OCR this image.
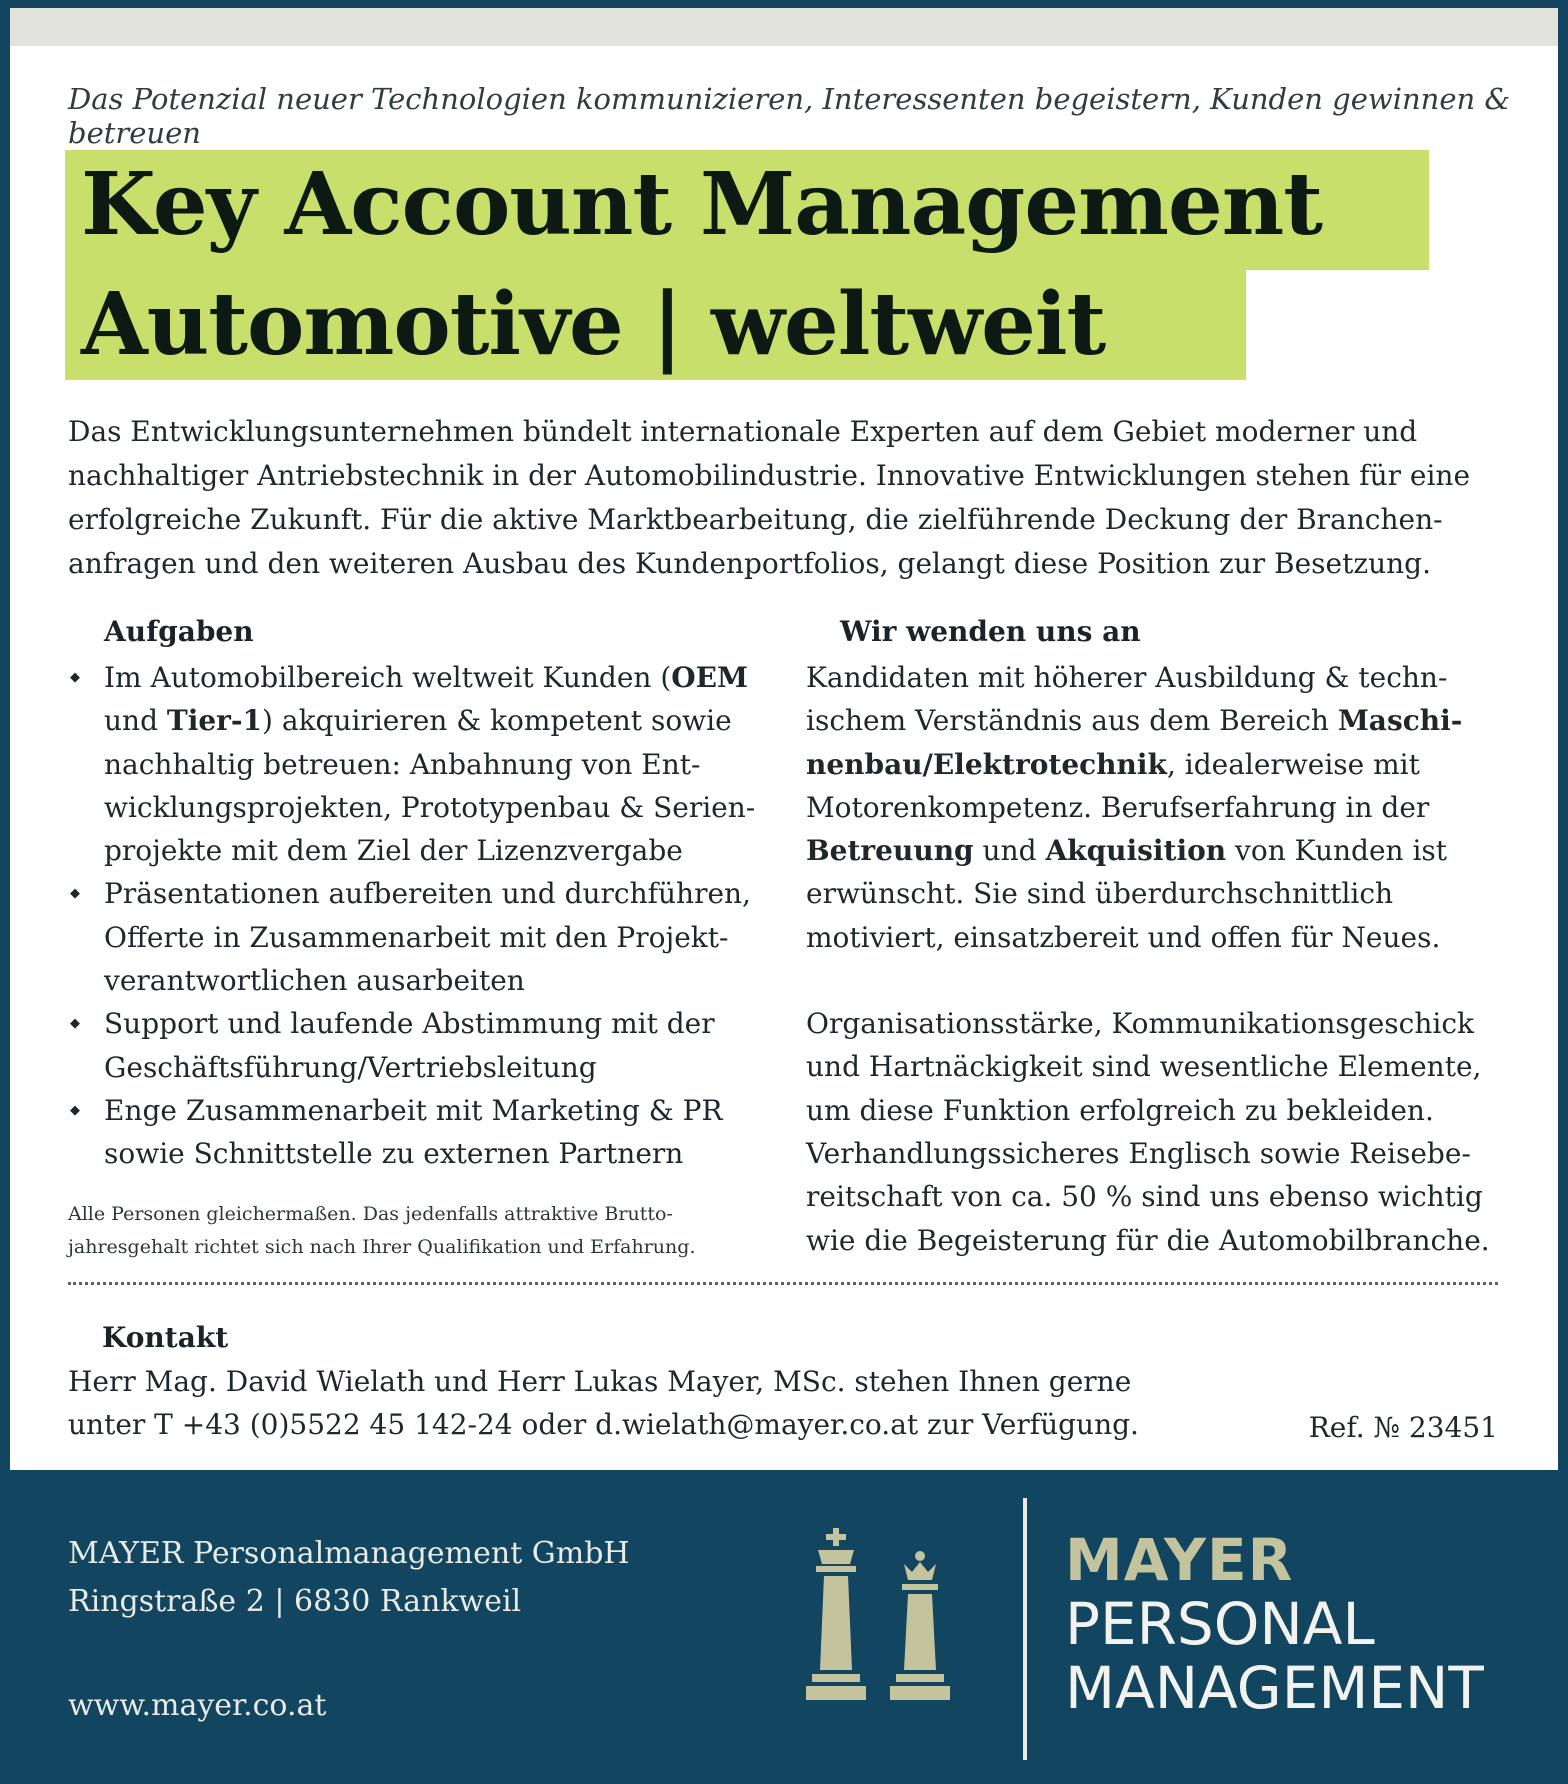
Das Potenzial neuer Technologien kommunizieren, Interessenten begeistern, Kunden gewinnen & betreuen
Key Account Management
Automotive | weltweit

Das Entwicklungsunternehmen bündelt internationale Experten auf dem Gebiet moderner und

nachhaltiger Antriebstechnik in der Automobilindustrie. Innovative Entwicklungen stehen für eine

erfolgreiche Zukunft. Für die aktive Marktbearbeitung, die zielführende Deckung der Branchen-

anfragen und den weiteren Ausbau des Kundenportfolios, gelangt diese Position zur Besetzung.

Aufgaben
◆ Im Automobilbereich weltweit Kunden (OEM
und Tier-1) akquirieren & kompetent sowie
nachhaltig betreuen: Anbahnung von Ent-
wicklungsprojekten, Prototypenbau & Serien-
projekte mit dem Ziel der Lizenzvergabe
◆ Präsentationen aufbereiten und durchführen,
Offerte in Zusammenarbeit mit den Projekt-
verantwortlichen ausarbeiten
◆ Support und laufende Abstimmung mit der
Geschäftsführung/Vertriebsleitung
◆ Enge Zusammenarbeit mit Marketing & PR
sowie Schnittstelle zu externen Partnern
Alle Personen gleichermaßen. Das jedenfalls attraktive Brutto-
jahresgehalt richtet sich nach Ihrer Qualifikation und Erfahrung.
Wir wenden uns an
Kandidaten mit höherer Ausbildung & techn-
ischem Verständnis aus dem Bereich Maschi-
nenbau/Elektrotechnik, idealerweise mit
Motorenkompetenz. Berufserfahrung in der
Betreuung und Akquisition von Kunden ist
erwünscht. Sie sind überdurchschnittlich
motiviert, einsatzbereit und offen für Neues.
Organisationsstärke, Kommunikationsgeschick
und Hartnäckigkeit sind wesentliche Elemente,
um diese Funktion erfolgreich zu bekleiden.
Verhandlungssicheres Englisch sowie Reisebe-
reitschaft von ca. 50 % sind uns ebenso wichtig
wie die Begeisterung für die Automobilbranche.
Kontakt
Herr Mag. David Wielath und Herr Lukas Mayer, MSc. stehen Ihnen gerne
unter T +43 (0)5522 45 142-24 oder d.wielath@mayer.co.at zur Verfügung.	Ref. № 23451
MAYER Personalmanagement GmbH
Ringstraße 2 | 6830 Rankweil
www.mayer.co.at
MAYER
PERSONAL
MANAGEMENT
